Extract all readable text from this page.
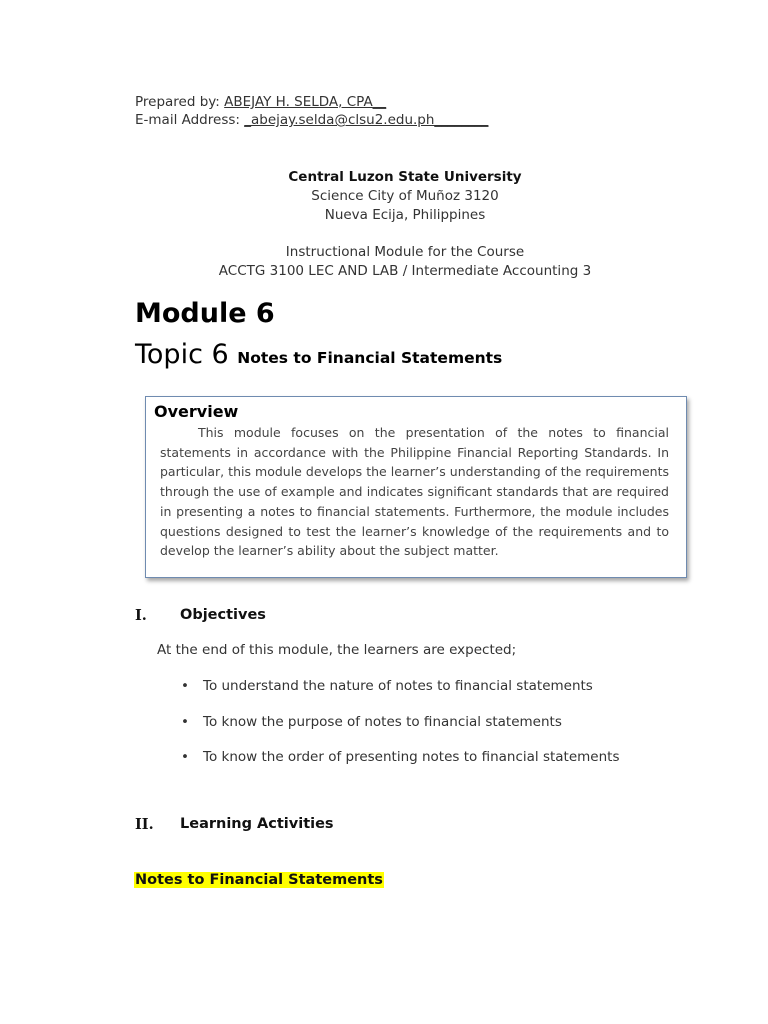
Prepared by: ABEJAY H. SELDA, CPA__
E-mail Address: _abejay.selda@clsu2.edu.ph________
Central Luzon State University
Science City of Muñoz 3120
Nueva Ecija, Philippines
Instructional Module for the Course
ACCTG 3100 LEC AND LAB / Intermediate Accounting 3
Module 6
Topic 6 Notes to Financial Statements
Overview
This module focuses on the presentation of the notes to financial statements in accordance with the Philippine Financial Reporting Standards. In particular, this module develops the learner’s understanding of the requirements through the use of example and indicates significant standards that are required in presenting a notes to financial statements. Furthermore, the module includes questions designed to test the learner’s knowledge of the requirements and to develop the learner’s ability about the subject matter.
I. Objectives
At the end of this module, the learners are expected;
• To understand the nature of notes to financial statements
• To know the purpose of notes to financial statements
• To know the order of presenting notes to financial statements
II. Learning Activities
Notes to Financial Statements
